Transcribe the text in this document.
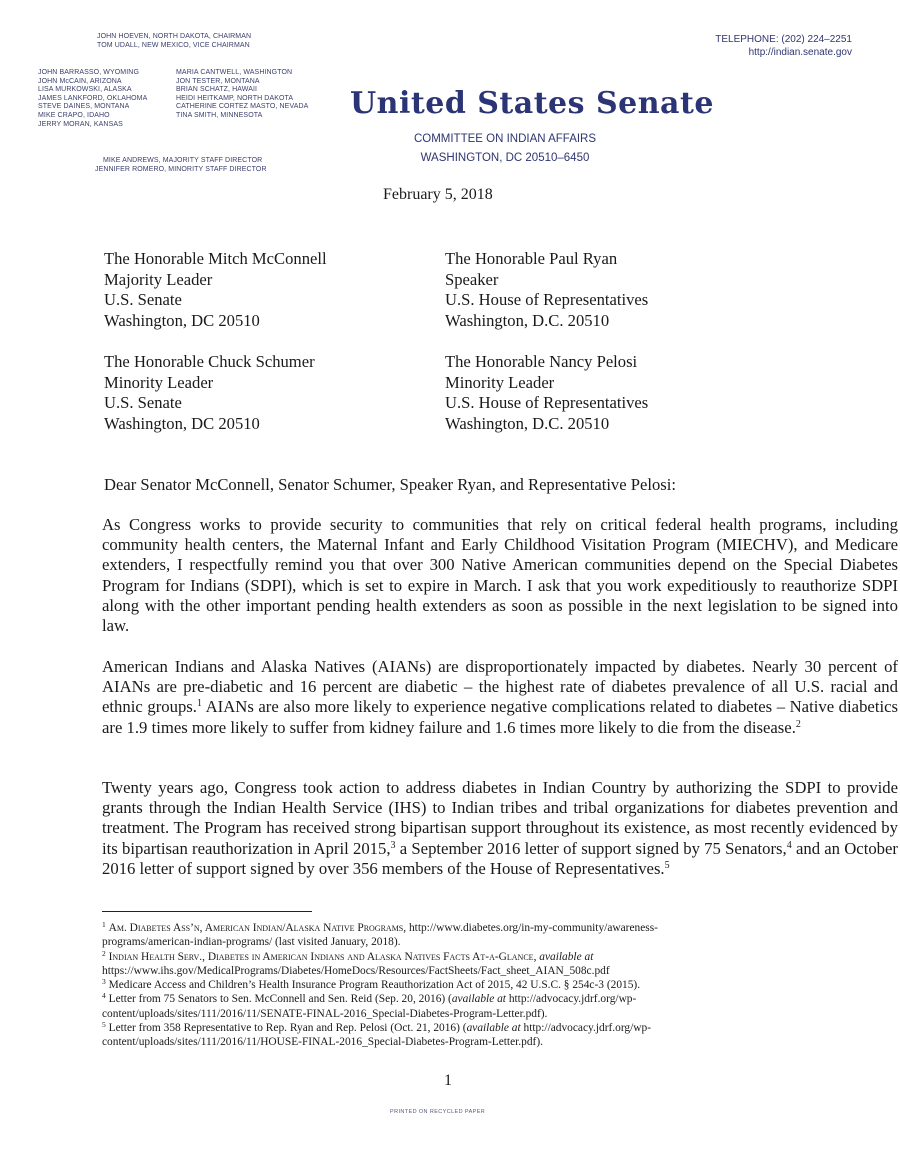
JOHN HOEVEN, NORTH DAKOTA, CHAIRMAN
TOM UDALL, NEW MEXICO, VICE CHAIRMAN
JOHN BARRASSO, WYOMING
JOHN McCAIN, ARIZONA
LISA MURKOWSKI, ALASKA
JAMES LANKFORD, OKLAHOMA
STEVE DAINES, MONTANA
MIKE CRAPO, IDAHO
JERRY MORAN, KANSAS
MARIA CANTWELL, WASHINGTON
JON TESTER, MONTANA
BRIAN SCHATZ, HAWAII
HEIDI HEITKAMP, NORTH DAKOTA
CATHERINE CORTEZ MASTO, NEVADA
TINA SMITH, MINNESOTA
MIKE ANDREWS, MAJORITY STAFF DIRECTOR
JENNIFER ROMERO, MINORITY STAFF DIRECTOR
TELEPHONE: (202) 224–2251
http://indian.senate.gov
United States Senate
COMMITTEE ON INDIAN AFFAIRS
WASHINGTON, DC 20510–6450
February 5, 2018
The Honorable Mitch McConnell
Majority Leader
U.S. Senate
Washington, DC 20510
The Honorable Paul Ryan
Speaker
U.S. House of Representatives
Washington, D.C. 20510
The Honorable Chuck Schumer
Minority Leader
U.S. Senate
Washington, DC 20510
The Honorable Nancy Pelosi
Minority Leader
U.S. House of Representatives
Washington, D.C. 20510
Dear Senator McConnell, Senator Schumer, Speaker Ryan, and Representative Pelosi:
As Congress works to provide security to communities that rely on critical federal health programs, including community health centers, the Maternal Infant and Early Childhood Visitation Program (MIECHV), and Medicare extenders, I respectfully remind you that over 300 Native American communities depend on the Special Diabetes Program for Indians (SDPI), which is set to expire in March. I ask that you work expeditiously to reauthorize SDPI along with the other important pending health extenders as soon as possible in the next legislation to be signed into law.
American Indians and Alaska Natives (AIANs) are disproportionately impacted by diabetes. Nearly 30 percent of AIANs are pre-diabetic and 16 percent are diabetic – the highest rate of diabetes prevalence of all U.S. racial and ethnic groups.$^1$ AIANs are also more likely to experience negative complications related to diabetes – Native diabetics are 1.9 times more likely to suffer from kidney failure and 1.6 times more likely to die from the disease.$^2$
Twenty years ago, Congress took action to address diabetes in Indian Country by authorizing the SDPI to provide grants through the Indian Health Service (IHS) to Indian tribes and tribal organizations for diabetes prevention and treatment. The Program has received strong bipartisan support throughout its existence, as most recently evidenced by its bipartisan reauthorization in April 2015,$^3$ a September 2016 letter of support signed by 75 Senators,$^4$ and an October 2016 letter of support signed by over 356 members of the House of Representatives.$^5$
$^1$ Am. Diabetes Ass’n, American Indian/Alaska Native Programs, http://www.diabetes.org/in-my-community/awareness-
programs/american-indian-programs/ (last visited January, 2018).
$^2$ Indian Health Serv., Diabetes in American Indians and Alaska Natives Facts At-a-Glance, available at
https://www.ihs.gov/MedicalPrograms/Diabetes/HomeDocs/Resources/FactSheets/Fact_sheet_AIAN_508c.pdf
$^3$ Medicare Access and Children’s Health Insurance Program Reauthorization Act of 2015, 42 U.S.C. § 254c-3 (2015).
$^4$ Letter from 75 Senators to Sen. McConnell and Sen. Reid (Sep. 20, 2016) (available at http://advocacy.jdrf.org/wp-
content/uploads/sites/111/2016/11/SENATE-FINAL-2016_Special-Diabetes-Program-Letter.pdf).
$^5$ Letter from 358 Representative to Rep. Ryan and Rep. Pelosi (Oct. 21, 2016) (available at http://advocacy.jdrf.org/wp-
content/uploads/sites/111/2016/11/HOUSE-FINAL-2016_Special-Diabetes-Program-Letter.pdf).
1
PRINTED ON RECYCLED PAPER
